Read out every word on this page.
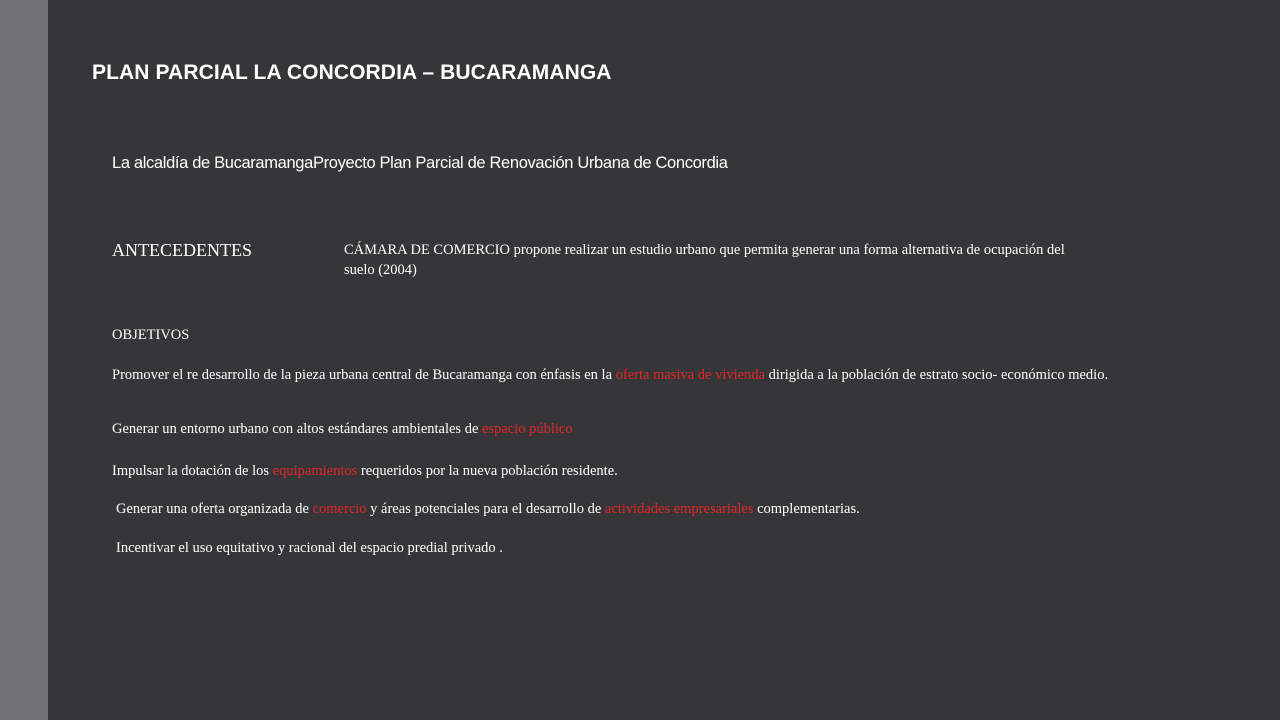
PLAN PARCIAL LA CONCORDIA – BUCARAMANGA
La alcaldía de BucaramangaProyecto Plan Parcial de Renovación Urbana de Concordia
ANTECEDENTES	CÁMARA DE COMERCIO propone realizar un estudio urbano que permita generar una forma alternativa de ocupación del suelo (2004)
OBJETIVOS
Promover el re desarrollo de la pieza urbana central de Bucaramanga con énfasis en la oferta masiva de vivienda dirigida a la población de estrato socio- económico medio.
Generar un entorno urbano con altos estándares ambientales de espacio público
Impulsar la dotación de los equipamientos requeridos por la nueva población residente.
Generar una oferta organizada de comercio y áreas potenciales para el desarrollo de actividades empresariales complementarias.
Incentivar el uso equitativo y racional del espacio predial privado .
